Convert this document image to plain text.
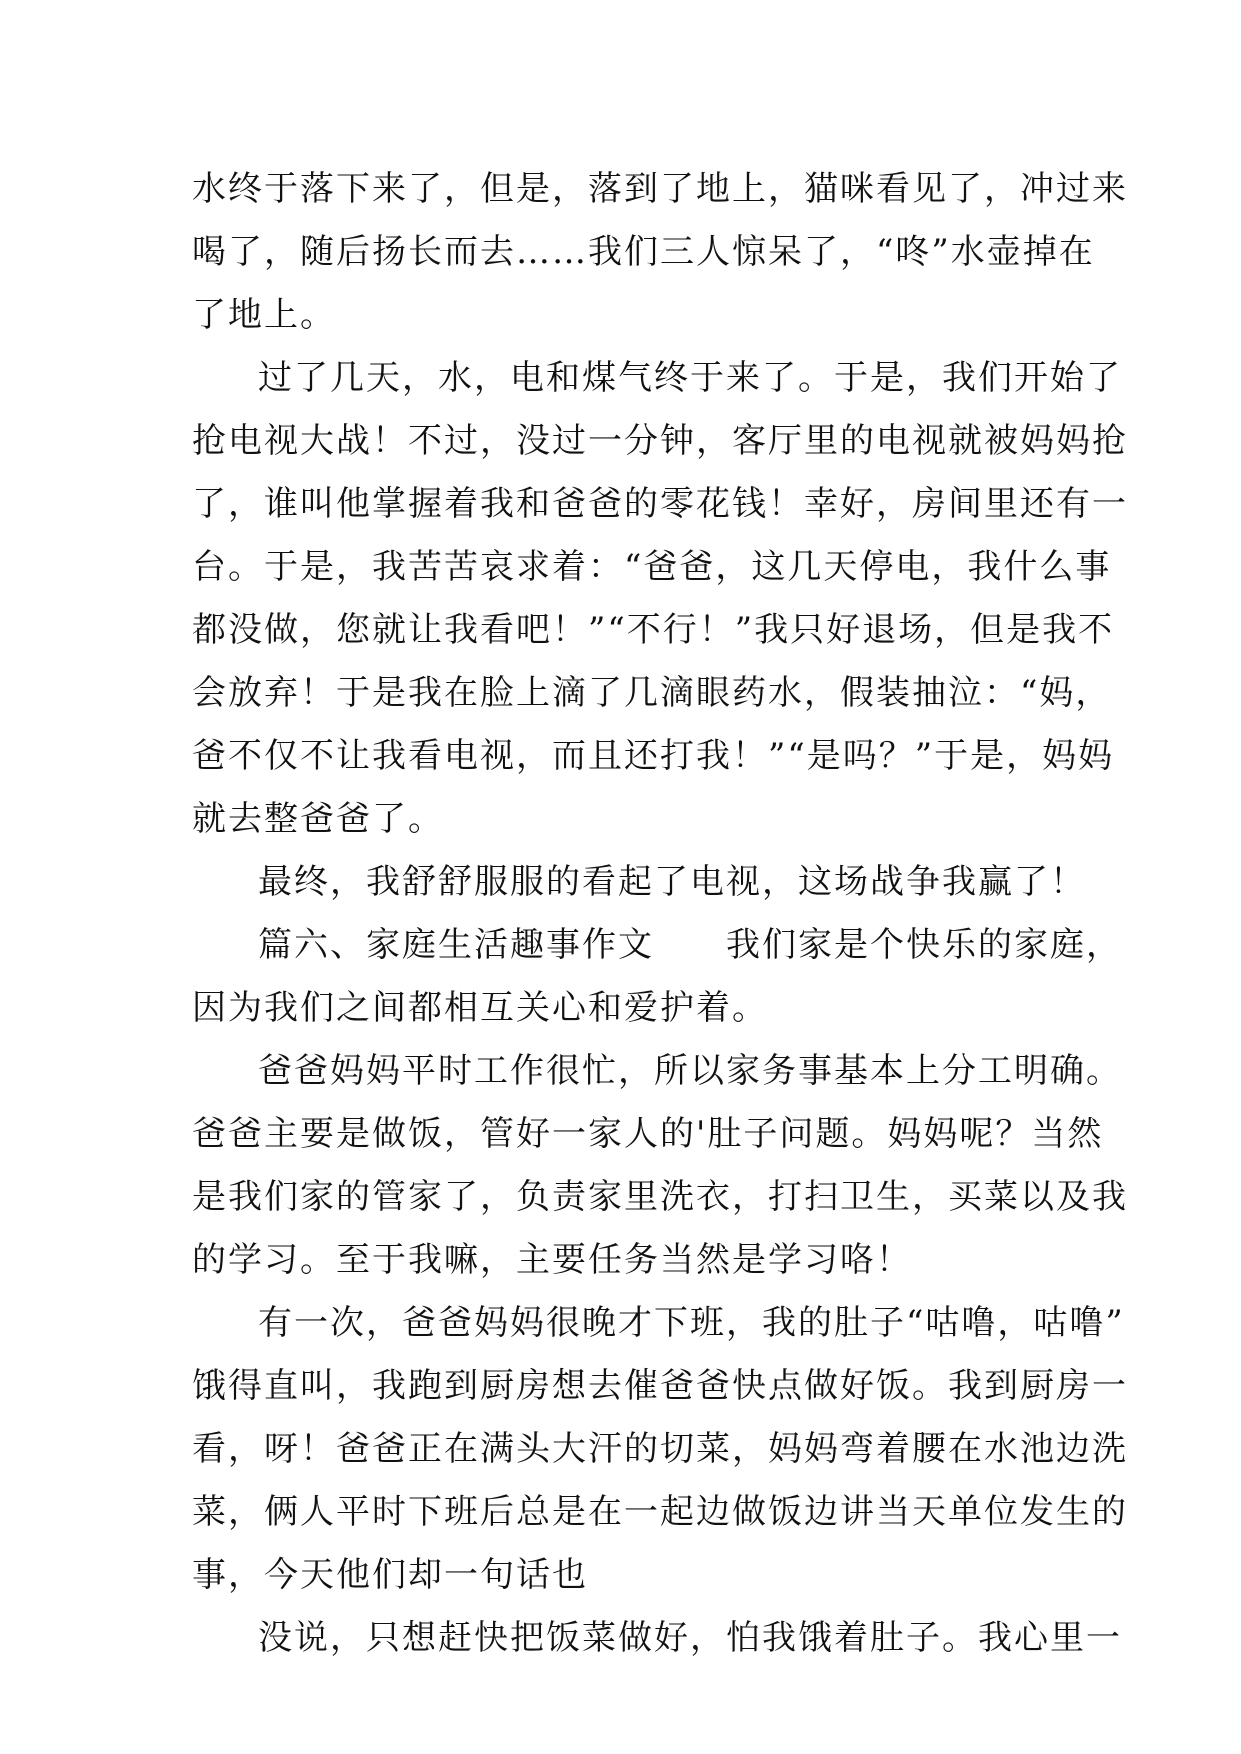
水终于落下来了，但是，落到了地上，猫咪看见了，冲过来
喝了，随后扬长而去……我们三人惊呆了，“咚”水壶掉在
了地上。
过了几天，水，电和煤气终于来了。于是，我们开始了
抢电视大战！不过，没过一分钟，客厅里的电视就被妈妈抢
了，谁叫他掌握着我和爸爸的零花钱！幸好，房间里还有一
台。于是，我苦苦哀求着：“爸爸，这几天停电，我什么事
都没做，您就让我看吧！”“不行！”我只好退场，但是我不
会放弃！于是我在脸上滴了几滴眼药水，假装抽泣：“妈，
爸不仅不让我看电视，而且还打我！”“是吗？”于是，妈妈
就去整爸爸了。
最终，我舒舒服服的看起了电视，这场战争我赢了！
篇六、家庭生活趣事作文　　我们家是个快乐的家庭，
因为我们之间都相互关心和爱护着。
爸爸妈妈平时工作很忙，所以家务事基本上分工明确。
爸爸主要是做饭，管好一家人的'肚子问题。妈妈呢？当然
是我们家的管家了，负责家里洗衣，打扫卫生，买菜以及我
的学习。至于我嘛，主要任务当然是学习咯！
有一次，爸爸妈妈很晚才下班，我的肚子“咕噜，咕噜”
饿得直叫，我跑到厨房想去催爸爸快点做好饭。我到厨房一
看，呀！爸爸正在满头大汗的切菜，妈妈弯着腰在水池边洗
菜，俩人平时下班后总是在一起边做饭边讲当天单位发生的
事，今天他们却一句话也
没说，只想赶快把饭菜做好，怕我饿着肚子。我心里一
